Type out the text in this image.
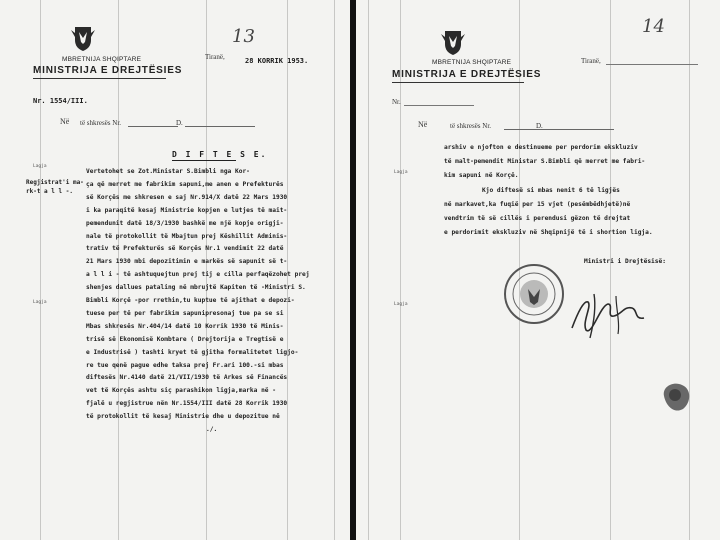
MBRETNIJA SHQIPTARE
MINISTRIJA E DREJTËSIES
Tiranë,	28 KORRIK 1953.
13
Nr. 1554/III.
Në të shkresës Nr.	D.
D I F T E S E.
Lagja
Regjistrat'i ma-
rk-t a l l -.
Lagja
Vertetohet se Zot.Ministar S.Bimbli nga Kor-
ça që merret me fabrikim sapuni,me anen e Prefekturës
së Korçës me shkresen e saj Nr.914/X datë 22 Mars 1930
i ka paraqitë kesaj Ministrie kopjen e lutjes të mait-
pemendunit datë 18/3/1930 bashkë me një kopje origji-
nale të protokollit të Mbajtun prej Këshillit Adminis-
trativ të Prefekturës së Korçës Nr.1 vendimit 22 datë
21 Mars 1930 mbi depozitimin e markës së sapunit së t-
a l l i - të ashtuquejtun prej tij e cilla perfaqëzohet prej
shenjes dallues pataling në mbrujtë Kapiten të -Ministri S.
Bimbli Korçë -por rrethin,tu kuptue të ajithat e depozi-
tuese per të per fabrikim sapunipresonaj tue pa se si
Mbas shkresës Nr.404/14 datë 10 Korrik 1930 të Minis-
trisë së Ekonomisë Kombtare ( Drejtorija e Tregtisë e
e Industrisë ) tashti kryet të gjitha formalitetet ligjo-
re tue qenë pague edhe taksa prej Fr.ari 100.-si mbas
diftesës Nr.4140 datë 21/VII/1930 të Arkes së Financës
vet të Korçës ashtu siç parashikon ligja,marka në -
fjalë u regjistrue nën Nr.1554/III datë 28 Korrik 1930
të protokollit të kesaj Ministrie dhe u depozitue në
./.
MBRETNIJA SHQIPTARE
MINISTRIJA E DREJTËSIES
Tiranë,
14
Nr.
Në	të shkresës Nr.	D.
Lagja
Lagja
arshiv e njofton e destinueme per perdorim ekskluziv
të malt-pemendit Ministar S.Bimbli që merret me fabri-
kim sapuni në Korçë.
Kjo diftesë si mbas nenit 6 të ligjës
në markavet,ka fuqië per 15 vjet (pesëmbëdhjetë)në
vendtrim të së cillës i perendusi gëzon të drejtat
e perdorimit ekskluziv në Shqipnijë të i shortion ligja.
Ministri i Drejtësisë:
